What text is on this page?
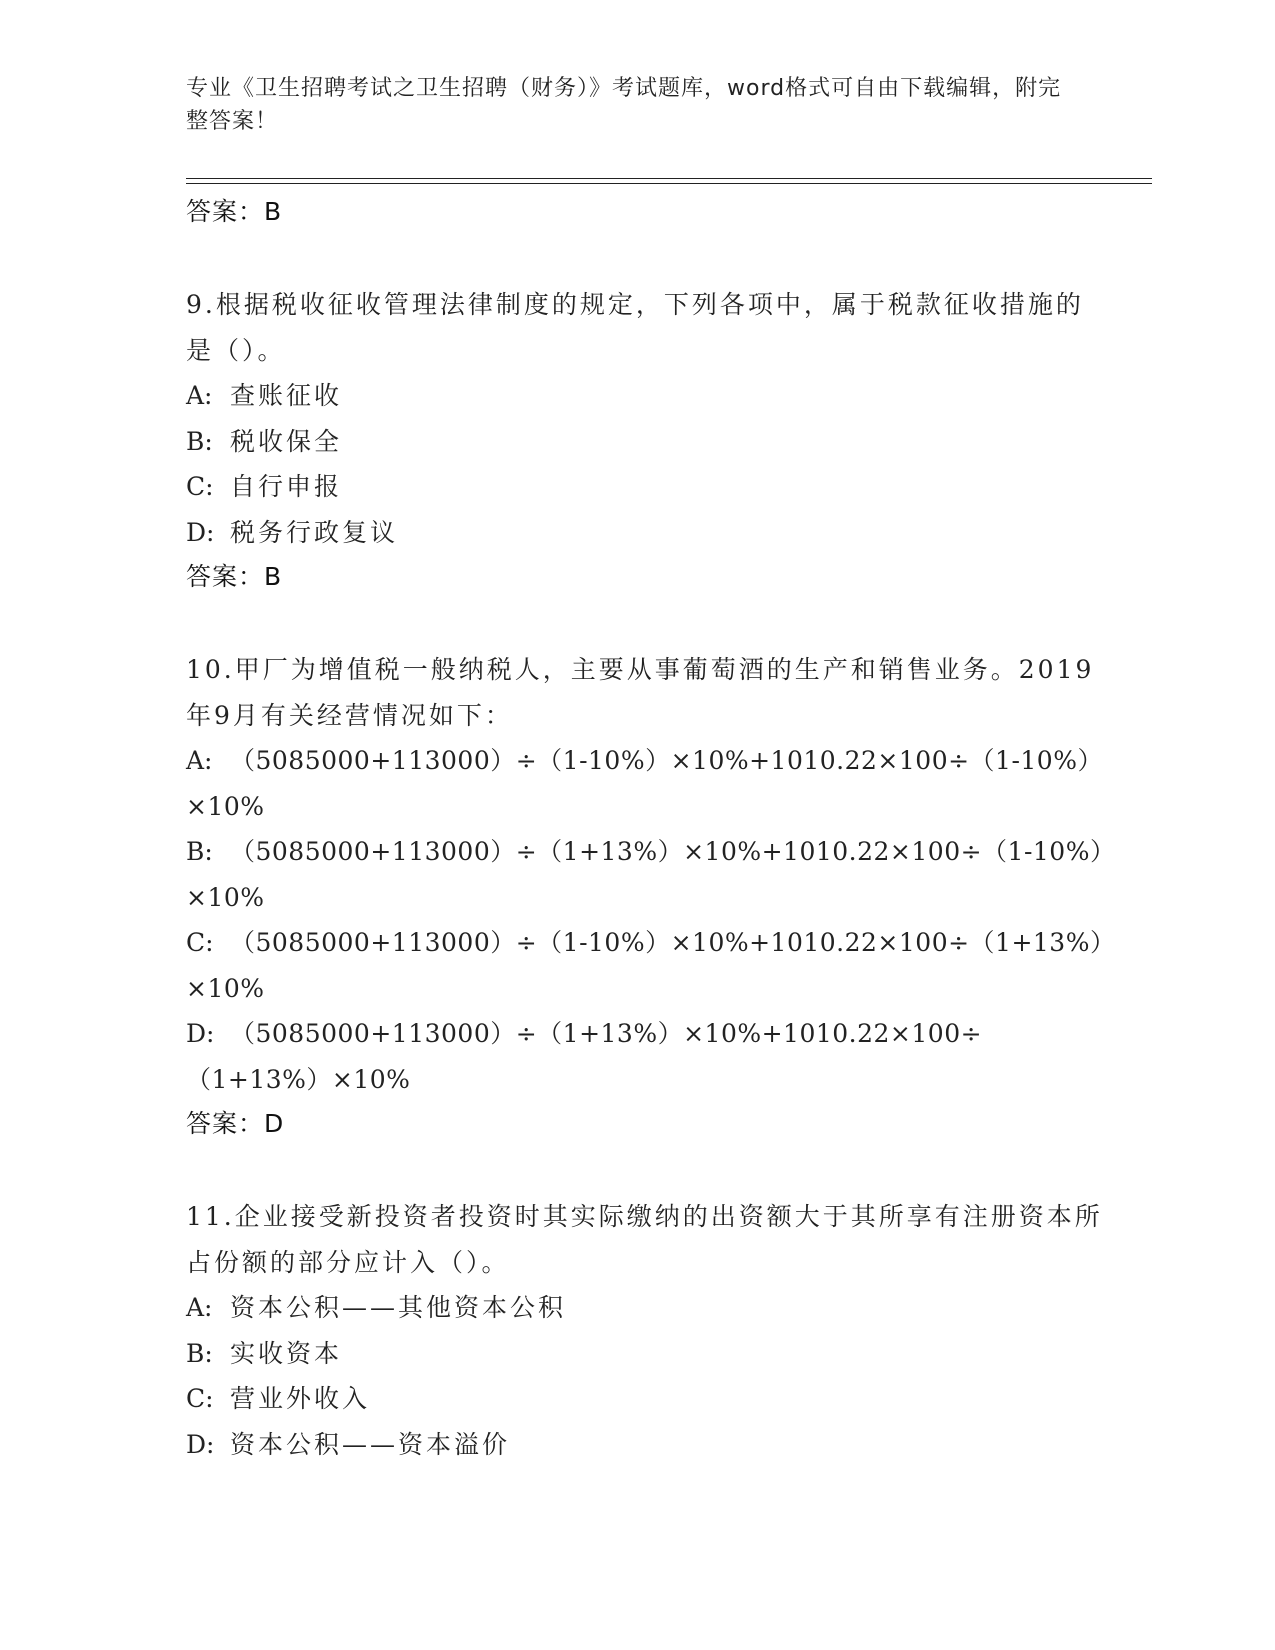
专业《卫生招聘考试之卫生招聘（财务）》考试题库，word格式可自由下载编辑，附完整答案！
答案：B
9.根据税收征收管理法律制度的规定，下列各项中，属于税款征收措施的是（）。
A: 查账征收
B: 税收保全
C: 自行申报
D: 税务行政复议
答案：B
10.甲厂为增值税一般纳税人，主要从事葡萄酒的生产和销售业务。2019年9月有关经营情况如下：
A: （5085000+113000）÷（1-10%）×10%+1010.22×100÷（1-10%）×10%
B: （5085000+113000）÷（1+13%）×10%+1010.22×100÷（1-10%）×10%
C: （5085000+113000）÷（1-10%）×10%+1010.22×100÷（1+13%）×10%
D: （5085000+113000）÷（1+13%）×10%+1010.22×100÷（1+13%）×10%
答案：D
11.企业接受新投资者投资时其实际缴纳的出资额大于其所享有注册资本所占份额的部分应计入（）。
A: 资本公积——其他资本公积
B: 实收资本
C: 营业外收入
D: 资本公积——资本溢价
